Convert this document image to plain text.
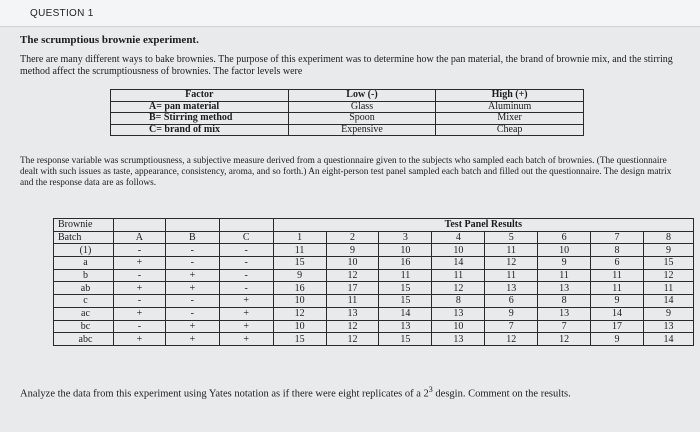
QUESTION 1
The scrumptious brownie experiment.

There are many different ways to bake brownies. The purpose of this experiment was to determine how the pan material, the brand of brownie mix, and the stirring method affect the scrumptiousness of brownies. The factor levels were

Factor	Low (-)	High (+)
A= pan material	Glass	Aluminum
B= Stirring method	Spoon	Mixer
C= brand of mix	Expensive	Cheap

The response variable was scrumptiousness, a subjective measure derived from a questionnaire given to the subjects who sampled each batch of brownies. (The questionnaire dealt with such issues as taste, appearance, consistency, aroma, and so forth.) An eight-person test panel sampled each batch and filled out the questionnaire. The design matrix and the response data are as follows.

Brownie				Test Panel Results							
Batch	A	B	C	1	2	3	4	5	6	7	8
(1)	-	-	-	11	9	10	10	11	10	8	9
a	+	-	-	15	10	16	14	12	9	6	15
b	-	+	-	9	12	11	11	11	11	11	12
ab	+	+	-	16	17	15	12	13	13	11	11
c	-	-	+	10	11	15	8	6	8	9	14
ac	+	-	+	12	13	14	13	9	13	14	9
bc	-	+	+	10	12	13	10	7	7	17	13
abc	+	+	+	15	12	15	13	12	12	9	14
Analyze the data from this experiment using Yates notation as if there were eight replicates of a $2^3$ desgin. Comment on the results.
